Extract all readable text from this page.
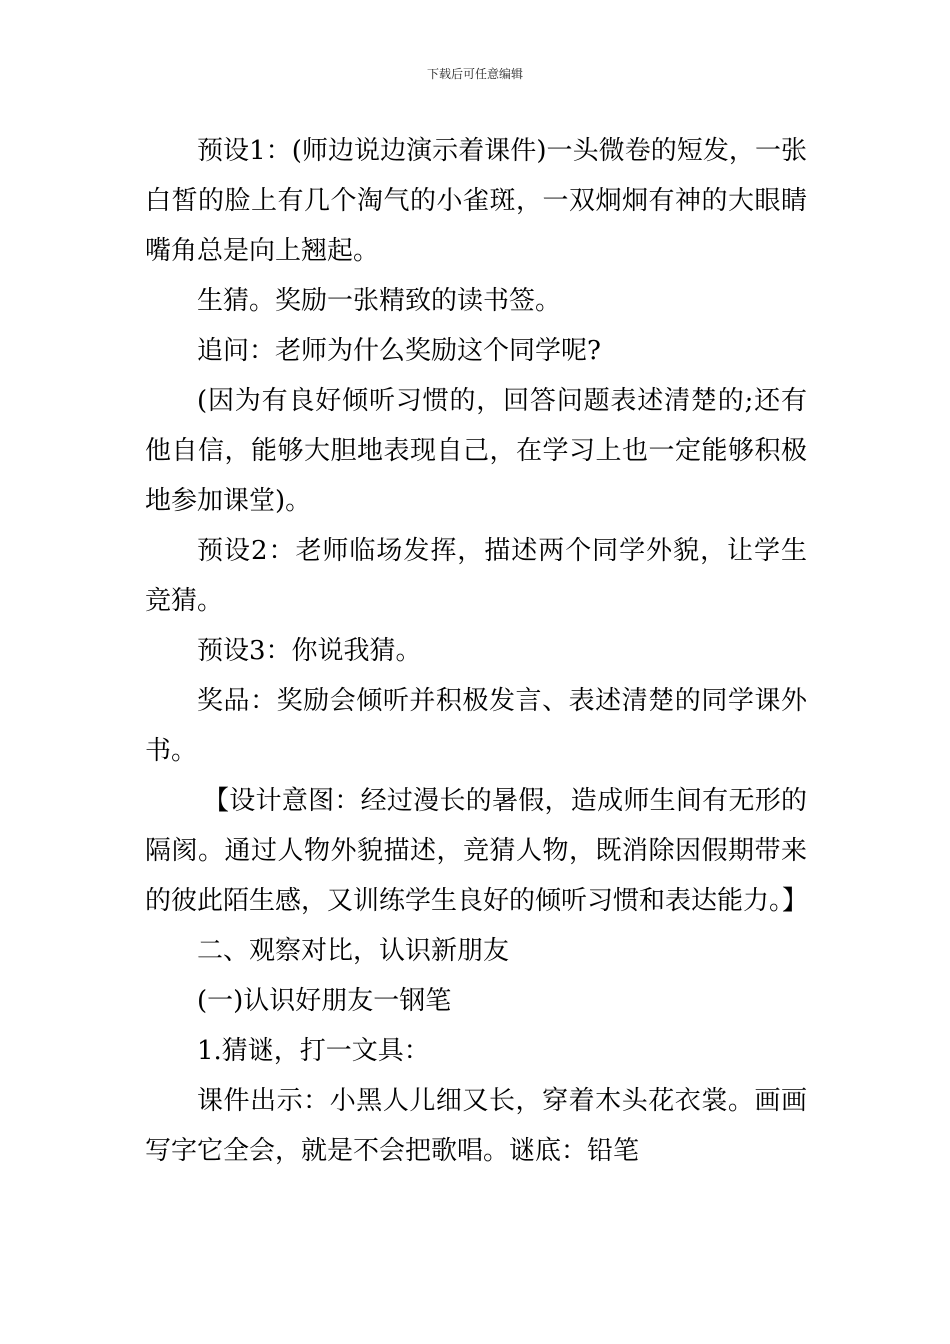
下载后可任意编辑

预设1：(师边说边演示着课件)一头微卷的短发，一张白皙的脸上有几个淘气的小雀斑，一双炯炯有神的大眼睛嘴角总是向上翘起。

生猜。奖励一张精致的读书签。

追问：老师为什么奖励这个同学呢?

(因为有良好倾听习惯的，回答问题表述清楚的;还有他自信，能够大胆地表现自己，在学习上也一定能够积极地参加课堂)。

预设2：老师临场发挥，描述两个同学外貌，让学生竞猜。

预设3：你说我猜。

奖品：奖励会倾听并积极发言、表述清楚的同学课外书。

【设计意图：经过漫长的暑假，造成师生间有无形的隔阂。通过人物外貌描述，竞猜人物，既消除因假期带来的彼此陌生感，又训练学生良好的倾听习惯和表达能力。】

二、观察对比，认识新朋友

(一)认识好朋友一钢笔

1.猜谜，打一文具：

课件出示：小黑人儿细又长，穿着木头花衣裳。画画写字它全会，就是不会把歌唱。谜底：铅笔
